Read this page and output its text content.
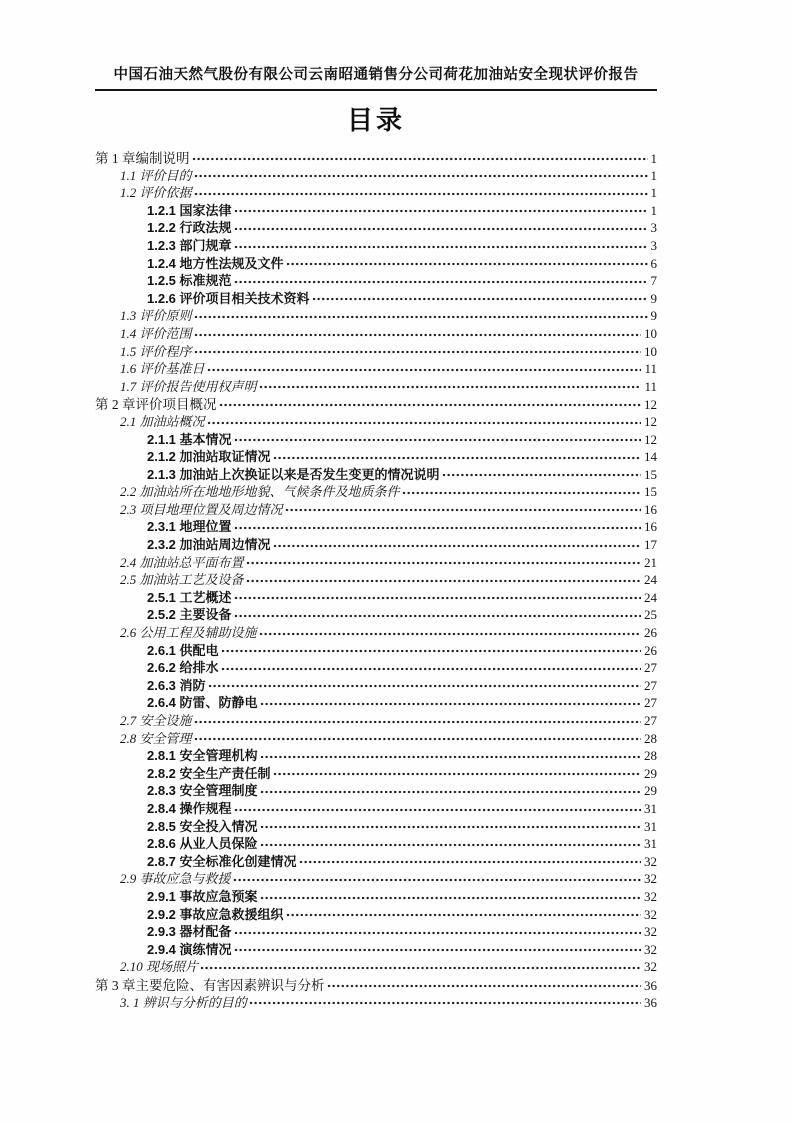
中国石油天然气股份有限公司云南昭通销售分公司荷花加油站安全现状评价报告
目录
第 1 章编制说明	1
1.1 评价目的	1
1.2 评价依据	1
1.2.1 国家法律	1
1.2.2 行政法规	3
1.2.3 部门规章	3
1.2.4 地方性法规及文件	6
1.2.5 标准规范	7
1.2.6 评价项目相关技术资料	9
1.3 评价原则	9
1.4 评价范围	10
1.5 评价程序	10
1.6 评价基准日	11
1.7 评价报告使用权声明	11
第 2 章评价项目概况	12
2.1 加油站概况	12
2.1.1 基本情况	12
2.1.2 加油站取证情况	14
2.1.3 加油站上次换证以来是否发生变更的情况说明	15
2.2 加油站所在地地形地貌、气候条件及地质条件	15
2.3 项目地理位置及周边情况	16
2.3.1 地理位置	16
2.3.2 加油站周边情况	17
2.4 加油站总平面布置	21
2.5 加油站工艺及设备	24
2.5.1 工艺概述	24
2.5.2 主要设备	25
2.6 公用工程及辅助设施	26
2.6.1 供配电	26
2.6.2 给排水	27
2.6.3 消防	27
2.6.4 防雷、防静电	27
2.7 安全设施	27
2.8 安全管理	28
2.8.1 安全管理机构	28
2.8.2 安全生产责任制	29
2.8.3 安全管理制度	29
2.8.4 操作规程	31
2.8.5 安全投入情况	31
2.8.6 从业人员保险	31
2.8.7 安全标准化创建情况	32
2.9 事故应急与救援	32
2.9.1 事故应急预案	32
2.9.2 事故应急救援组织	32
2.9.3 器材配备	32
2.9.4 演练情况	32
2.10 现场照片	32
第 3 章主要危险、有害因素辨识与分析	36
3. 1 辨识与分析的目的	36
